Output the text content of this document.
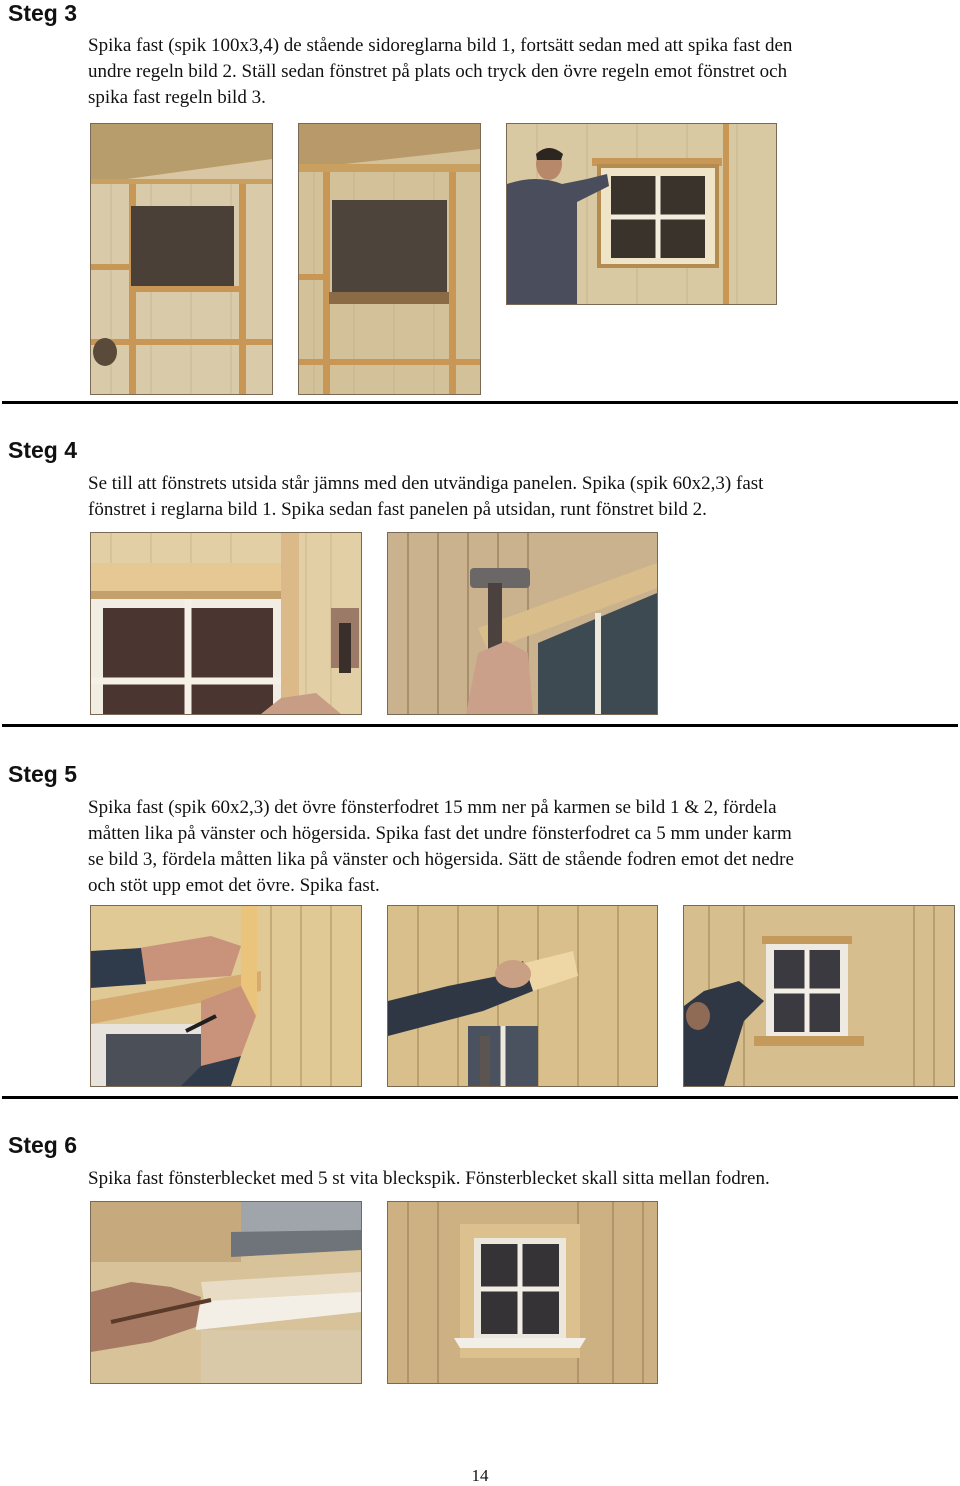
Steg 3
Spika fast (spik 100x3,4) de stående sidoreglarna bild 1, fortsätt sedan med att spika fast den
undre regeln bild 2. Ställ sedan fönstret på plats och tryck den övre regeln emot fönstret och
spika fast regeln bild 3.
Steg 4
Se till att fönstrets utsida står jämns med den utvändiga panelen. Spika (spik 60x2,3) fast
fönstret i reglarna bild 1. Spika sedan fast panelen på utsidan, runt fönstret bild 2.
Steg 5
Spika fast (spik 60x2,3) det övre fönsterfodret 15 mm ner på karmen se bild 1 & 2, fördela
måtten lika på vänster och högersida. Spika fast det undre fönsterfodret ca 5 mm under karm
se bild 3, fördela måtten lika på vänster och högersida. Sätt de stående fodren emot det nedre
och stöt upp emot det övre. Spika fast.
Steg 6
Spika fast fönsterblecket med 5 st vita bleckspik. Fönsterblecket skall sitta mellan fodren.
14
